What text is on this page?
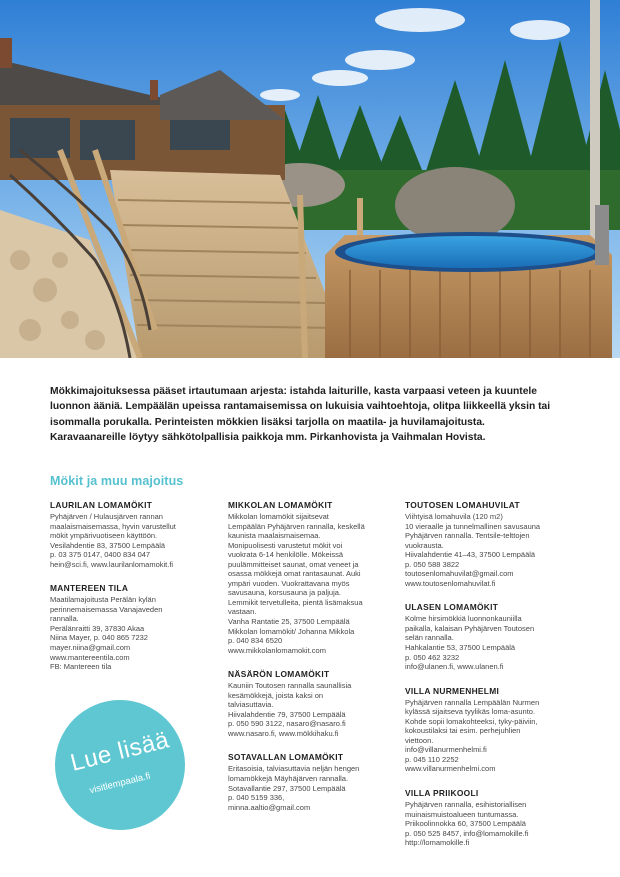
Mökkimajoituksessa pääset irtautumaan arjesta: istahda laiturille, kasta varpaasi veteen ja kuuntele luonnon ääniä. Lempäälän upeissa rantamaisemissa on lukuisia vaihtoehtoja, olitpa liikkeellä yksin tai isommalla porukalla. Perinteisten mökkien lisäksi tarjolla on maatila- ja huvilamajoitusta. Karavaanareille löytyy sähkötolpallisia paikkoja mm. Pirkanhovista ja Vaihmalan Hovista.

Mökit ja muu majoitus

LAURILAN LOMAMÖKIT

Pyhäjärven / Hulausjärven rannan

maalaismaisemassa, hyvin varustellut

mökit ympärivuotiseen käyttöön.

Vesilahdentie 83, 37500 Lempäälä

p. 03 375 0147, 0400 834 047

hein@sci.fi, www.laurilanlomamokit.fi

MANTEREEN TILA

Maatilamajoitusta Perälän kylän

perinnemaisemassa Vanajaveden

rannalla.

Perälänraitti 39, 37830 Akaa

Niina Mayer, p. 040 865 7232

mayer.niina@gmail.com

www.mantereentila.com

FB: Mantereen tila

MIKKOLAN LOMAMÖKIT

Mikkolan lomamökit sijaitsevat

Lempäälän Pyhäjärven rannalla, keskellä

kaunista maalaismaisemaa.

Monipuolisesti varustetut mökit voi

vuokrata 6-14 henkilölle. Mökeissä

puulämmitteiset saunat, omat veneet ja

osassa mökkejä omat rantasaunat. Auki

ympäri vuoden. Vuokrattavana myös

savusauna, korsusauna ja paljuja.

Lemmikit tervetulleita, pientä lisämaksua

vastaan.

Vanha Rantatie 25, 37500 Lempäälä

Mikkolan lomamökit/ Johanna Mikkola

p. 040 834 6520

www.mikkolanlomamokit.com

NÄSÄRÖN LOMAMÖKIT

Kauniin Toutosen rannalla saunallisia

kesämökkejä, joista kaksi on

talviasuttavia.

Hiivalahdentie 79, 37500 Lempäälä

p. 050 590 3122, nasaro@nasaro.fi

www.nasaro.fi, www.mökkihaku.fi

SOTAVALLAN LOMAMÖKIT

Eritasoisia, talviasuttavia neljän hengen

lomamökkejä Mäyhäjärven rannalla.

Sotavallantie 297, 37500 Lempäälä

p. 040 5159 336,

minna.aaltio@gmail.com

TOUTOSEN LOMAHUVILAT

Viihtyisä lomahuvila (120 m2)

10 vieraalle ja tunnelmallinen savusauna

Pyhäjärven rannalla. Tentsile-telttojen

vuokrausta.

Hiivalahdentie 41–43, 37500 Lempäälä

p. 050 588 3822

toutosenlomahuvilat@gmail.com

www.toutosenlomahuvilat.fi

ULASEN LOMAMÖKIT

Kolme hirsimökkiä luonnonkauniilla

paikalla, kalaisan Pyhäjärven Toutosen

selän rannalla.

Hahkalantie 53, 37500 Lempäälä

p. 050 462 3232

info@ulanen.fi, www.ulanen.fi

VILLA NURMENHELMI

Pyhäjärven rannalla Lempäälän Nurmen

kylässä sijaitseva tyylikäs loma-asunto.

Kohde sopii lomakohteeksi, tyky-päiviin,

kokoustilaksi tai esim. perhejuhlien

viettoon.

info@villanurmenhelmi.fi

p. 045 110 2252

www.villanurmenhelmi.com

VILLA PRIIKOOLI

Pyhäjärven rannalla, esihistoriallisen

muinaismuistoalueen tuntumassa.

Priikoolinnokka 60, 37500 Lempäälä

p. 050 525 8457, info@lomamokille.fi

http://lomamokille.fi

Lue lisää
visitlempaala.fi
